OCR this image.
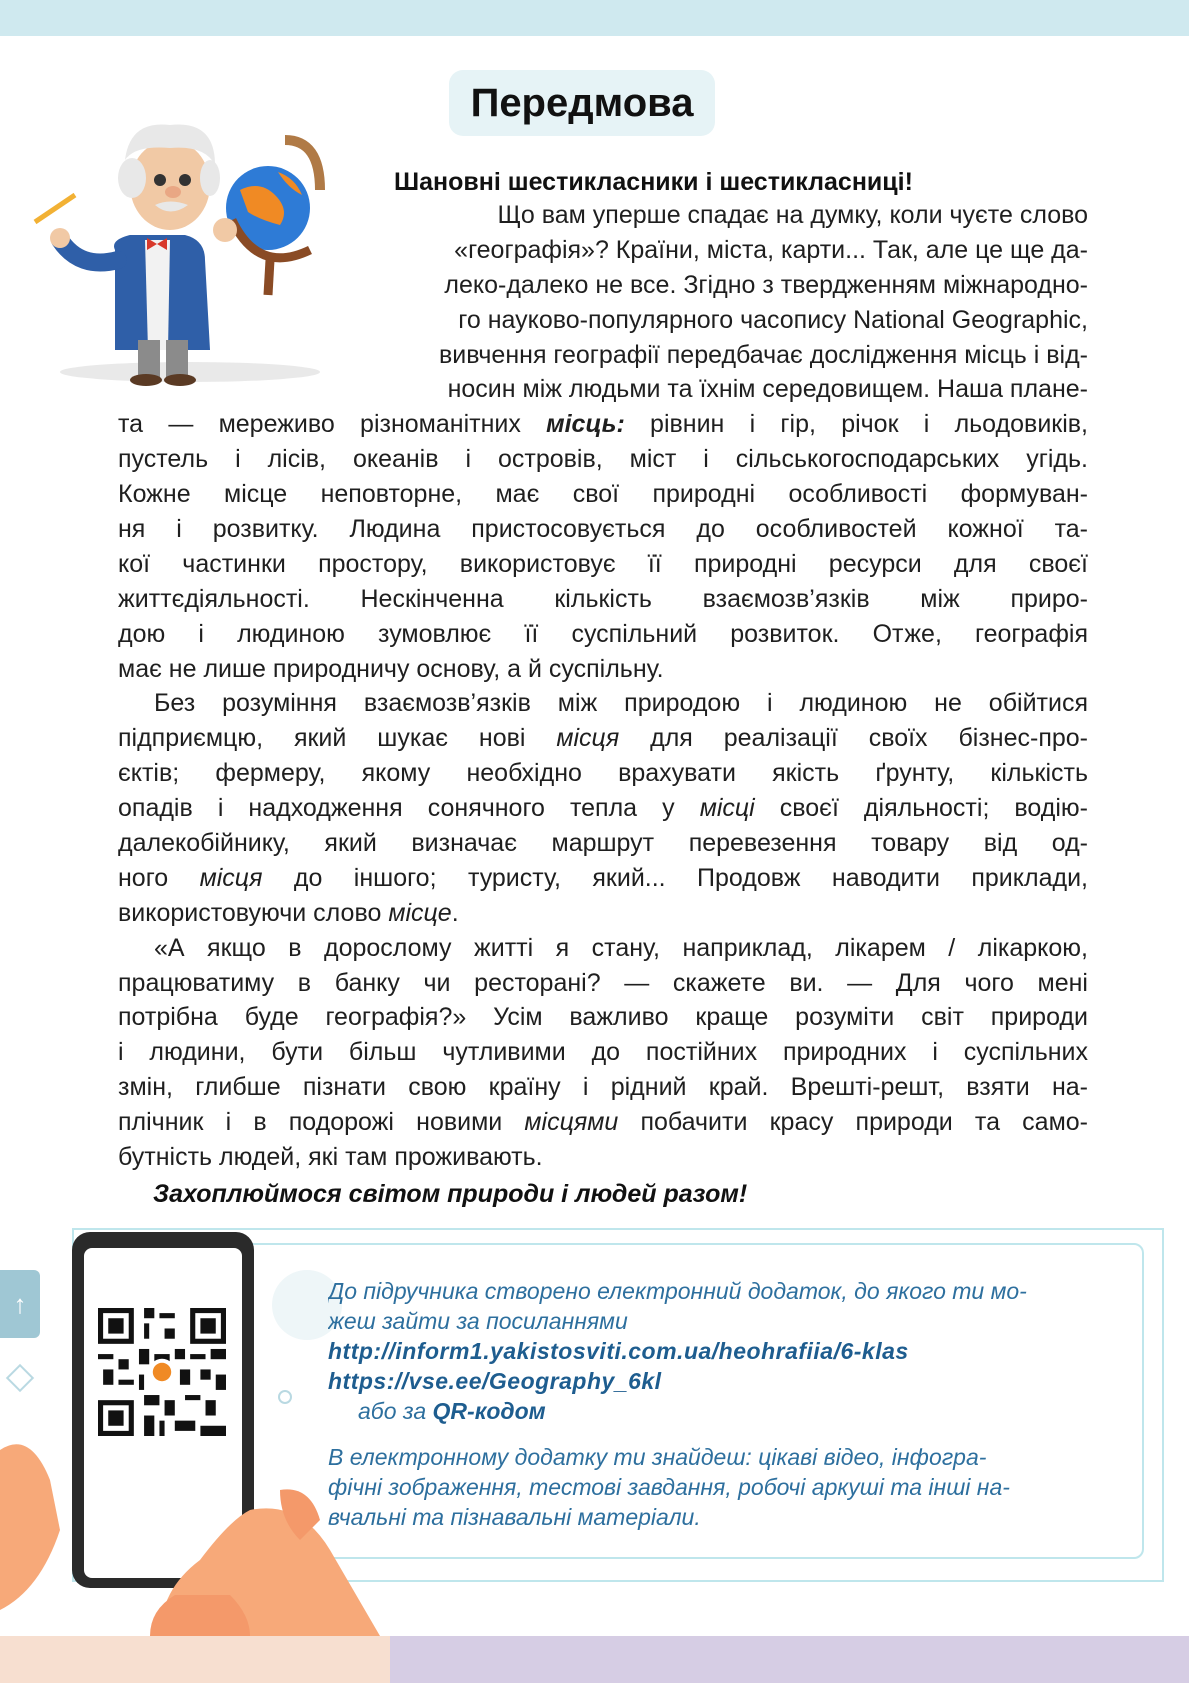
Передмова
Шановні шестикласники і шестикласниці!
Що вам уперше спадає на думку, коли чуєте слово
«географія»? Країни, міста, карти... Так, але це ще да-
леко-далеко не все. Згідно з твердженням міжнародно-
го науково-популярного часопису National Geographic,
вивчення географії передбачає дослідження місць і від-
носин між людьми та їхнім середовищем. Наша плане-
та — мереживо різноманітних місць: рівнин і гір, річок і льодовиків,
пустель і лісів, океанів і островів, міст і сільськогосподарських угідь.
Кожне місце неповторне, має свої природні особливості формуван-
ня і розвитку. Людина пристосовується до особливостей кожної та-
кої частинки простору, використовує її природні ресурси для своєї
життєдіяльності. Нескінченна кількість взаємозв’язків між приро-
дою і людиною зумовлює її суспільний розвиток. Отже, географія
має не лише природничу основу, а й суспільну.
Без розуміння взаємозв’язків між природою і людиною не обійтися
підприємцю, який шукає нові місця для реалізації своїх бізнес-про-
єктів; фермеру, якому необхідно врахувати якість ґрунту, кількість
опадів і надходження сонячного тепла у місці своєї діяльності; водію-
далекобійнику, який визначає маршрут перевезення товару від од-
ного місця до іншого; туристу, який... Продовж наводити приклади,
використовуючи слово місце.
«А якщо в дорослому житті я стану, наприклад, лікарем / лікаркою,
працюватиму в банку чи ресторані? — скажете ви. — Для чого мені
потрібна буде географія?» Усім важливо краще розуміти світ природи
і людини, бути більш чутливими до постійних природних і суспільних
змін, глибше пізнати свою країну і рідний край. Врешті-решт, взяти на-
плічник і в подорожі новими місцями побачити красу природи та само-
бутність людей, які там проживають.
Захоплюймося світом природи і людей разом!
До підручника створено електронний додаток, до якого ти мо-
жеш зайти за посиланнями
http://inform1.yakistosviti.com.ua/heohrafiia/6-klas
https://vse.ee/Geography_6kl
або за QR-кодом
В електронному додатку ти знайдеш: цікаві відео, інфогра-
фічні зображення, тестові завдання, робочі аркуші та інші на-
вчальні та пізнавальні матеріали.
↑
